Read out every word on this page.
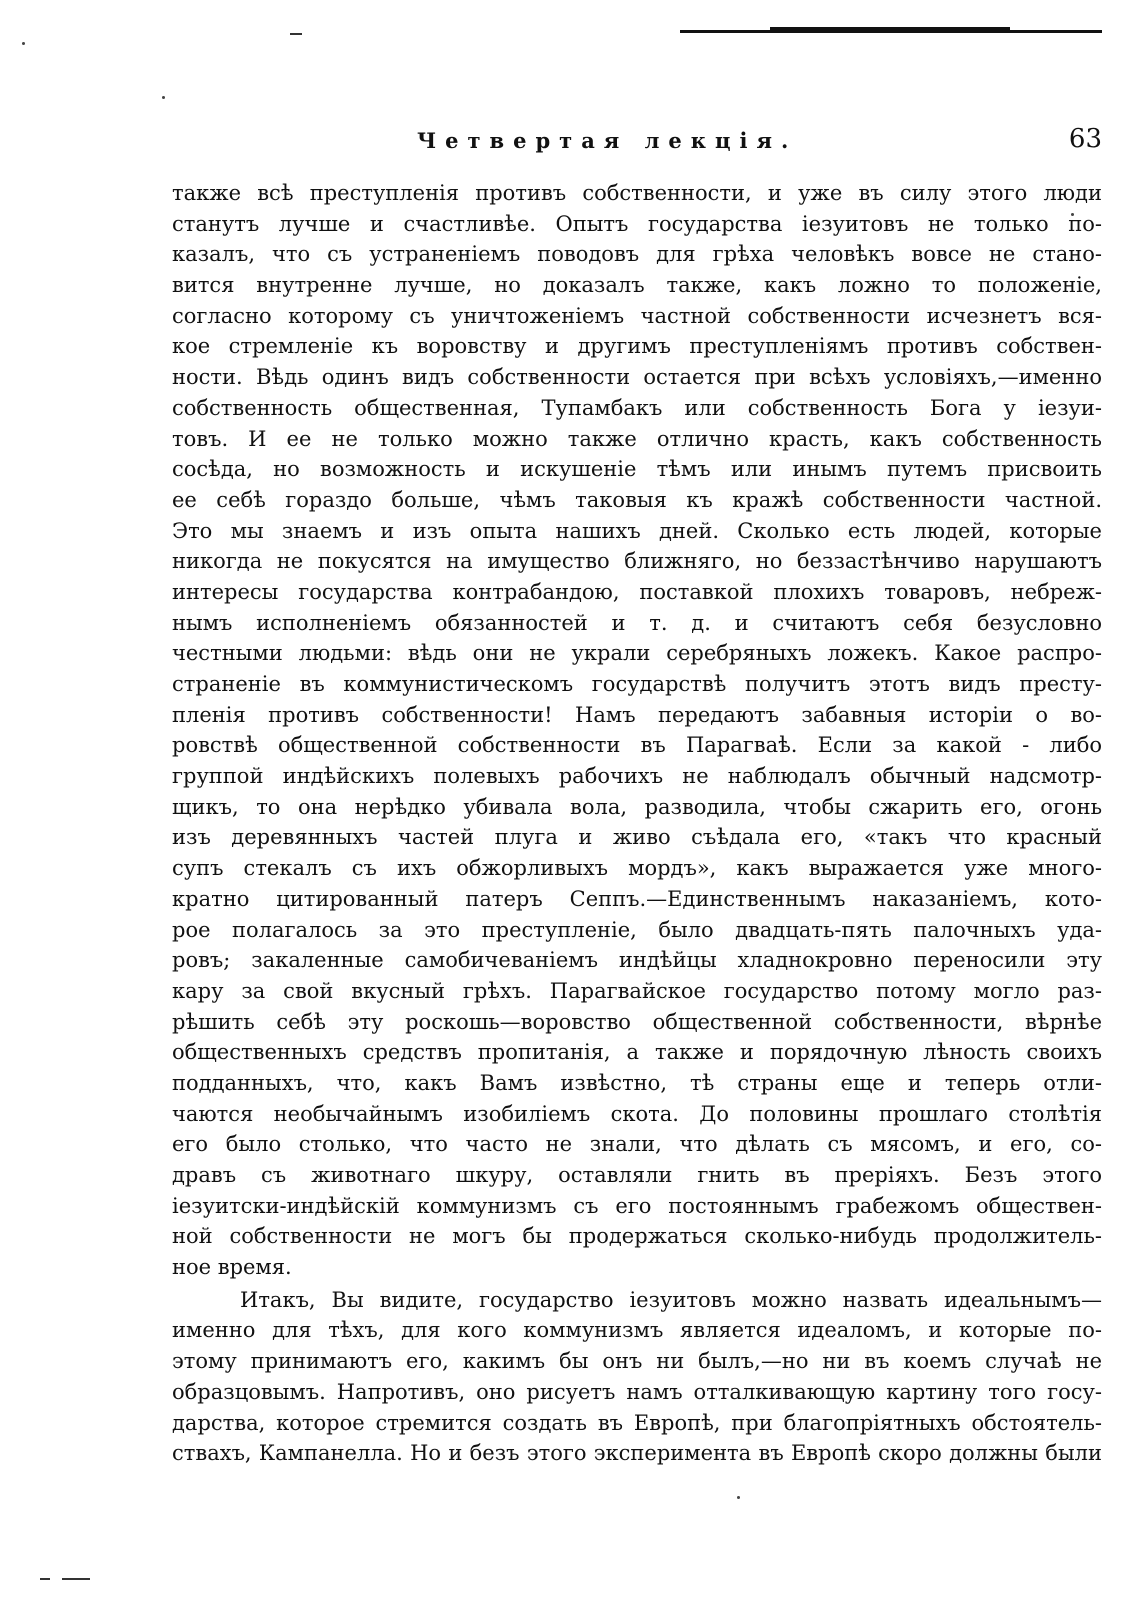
Четвертая лекція.	63
также всѣ преступленія противъ собственности, и уже въ силу этого люди
станутъ лучше и счастливѣе. Опытъ государства іезуитовъ не только по-
казалъ, что съ устраненіемъ поводовъ для грѣха человѣкъ вовсе не стано-
вится внутренне лучше, но доказалъ также, какъ ложно то положеніе,
согласно которому съ уничтоженіемъ частной собственности исчезнетъ вся-
кое стремленіе къ воровству и другимъ преступленіямъ противъ собствен-
ности. Вѣдь одинъ видъ собственности остается при всѣхъ условіяхъ,—именно
собственность общественная, Тупамбакъ или собственность Бога у іезуи-
товъ. И ее не только можно также отлично красть, какъ собственность
сосѣда, но возможность и искушеніе тѣмъ или инымъ путемъ присвоить
ее себѣ гораздо больше, чѣмъ таковыя къ кражѣ собственности частной.
Это мы знаемъ и изъ опыта нашихъ дней. Сколько есть людей, которые
никогда не покусятся на имущество ближняго, но беззастѣнчиво нарушаютъ
интересы государства контрабандою, поставкой плохихъ товаровъ, небреж-
нымъ исполненіемъ обязанностей и т. д. и считаютъ себя безусловно
честными людьми: вѣдь они не украли серебряныхъ ложекъ. Какое распро-
страненіе въ коммунистическомъ государствѣ получитъ этотъ видъ престу-
пленія противъ собственности! Намъ передаютъ забавныя исторіи о во-
ровствѣ общественной собственности въ Парагваѣ. Если за какой - либо
группой индѣйскихъ полевыхъ рабочихъ не наблюдалъ обычный надсмотр-
щикъ, то она нерѣдко убивала вола, разводила, чтобы сжарить его, огонь
изъ деревянныхъ частей плуга и живо съѣдала его, «такъ что красный
супъ стекалъ съ ихъ обжорливыхъ мордъ», какъ выражается уже много-
кратно цитированный патеръ Сеппъ.—Единственнымъ наказаніемъ, кото-
рое полагалось за это преступленіе, было двадцать-пять палочныхъ уда-
ровъ; закаленные самобичеваніемъ индѣйцы хладнокровно переносили эту
кару за свой вкусный грѣхъ. Парагвайское государство потому могло раз-
рѣшить себѣ эту роскошь—воровство общественной собственности, вѣрнѣе
общественныхъ средствъ пропитанія, а также и порядочную лѣность своихъ
подданныхъ, что, какъ Вамъ извѣстно, тѣ страны еще и теперь отли-
чаются необычайнымъ изобиліемъ скота. До половины прошлаго столѣтія
его было столько, что часто не знали, что дѣлать съ мясомъ, и его, со-
дравъ съ животнаго шкуру, оставляли гнить въ преріяхъ. Безъ этого
іезуитски-индѣйскій коммунизмъ съ его постояннымъ грабежомъ обществен-
ной собственности не могъ бы продержаться сколько-нибудь продолжитель-
ное время.
Итакъ, Вы видите, государство іезуитовъ можно назвать идеальнымъ—
именно для тѣхъ, для кого коммунизмъ является идеаломъ, и которые по-
этому принимаютъ его, какимъ бы онъ ни былъ,—но ни въ коемъ случаѣ не
образцовымъ. Напротивъ, оно рисуетъ намъ отталкивающую картину того госу-
дарства, которое стремится создать въ Европѣ, при благопріятныхъ обстоятель-
ствахъ, Кампанелла. Но и безъ этого эксперимента въ Европѣ скоро должны были
